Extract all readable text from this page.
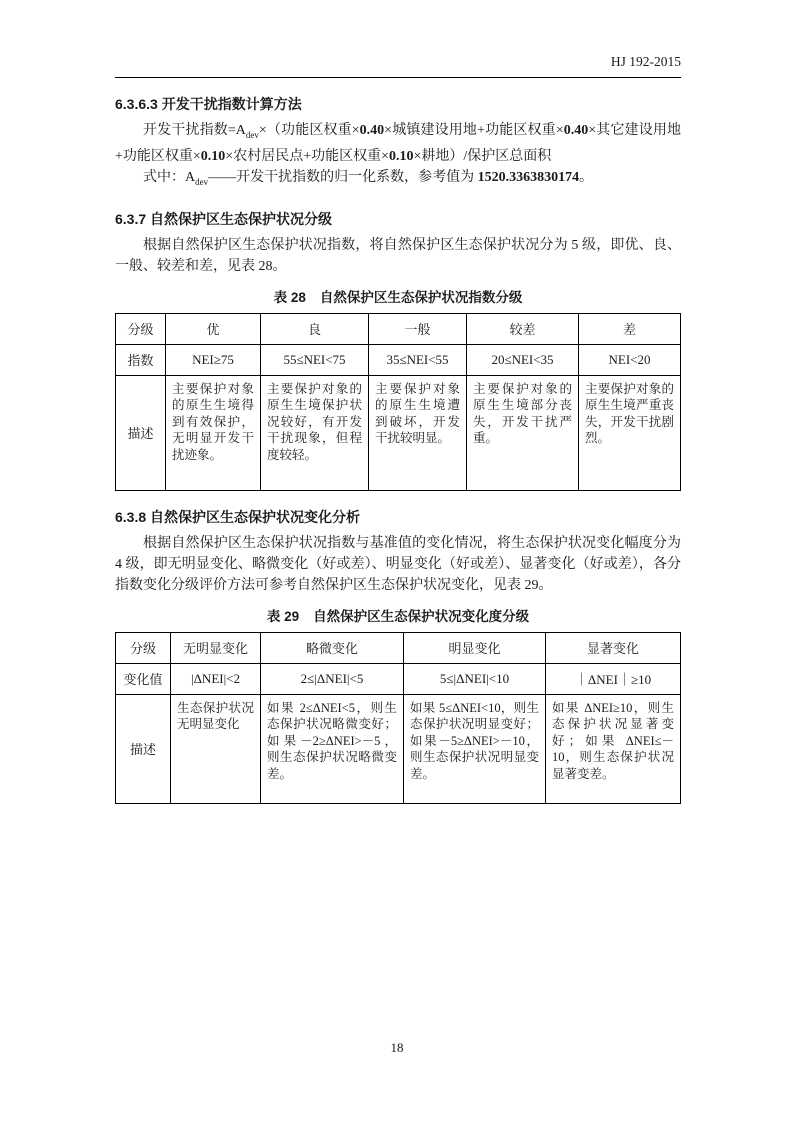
HJ 192-2015
6.3.6.3 开发干扰指数计算方法

开发干扰指数$=A_{dev}\times$（功能区权重×0.40×城镇建设用地+功能区权重×0.40×其它建设用地+功能区权重×0.10×农村居民点+功能区权重×0.10×耕地）/保护区总面积

式中：$A_{dev}——$开发干扰指数的归一化系数，参考值为 1520.3363830174。

6.3.7 自然保护区生态保护状况分级

根据自然保护区生态保护状况指数，将自然保护区生态保护状况分为 5 级，即优、良、一般、较差和差，见表 28。

表 28 自然保护区生态保护状况指数分级
分级	优	良	一般	较差	差
指数	NEI≥75	55≤NEI<75	35≤NEI<55	20≤NEI<35	NEI<20
描述	主要保护对象的原生生境得到有效保护，无明显开发干扰迹象。	主要保护对象的原生生境保护状况较好，有开发干扰现象，但程度较轻。	主要保护对象的原生生境遭到破坏，开发干扰较明显。	主要保护对象的原生生境部分丧失，开发干扰严重。	主要保护对象的原生生境严重丧失，开发干扰剧烈。
6.3.8 自然保护区生态保护状况变化分析

根据自然保护区生态保护状况指数与基准值的变化情况，将生态保护状况变化幅度分为 4 级，即无明显变化、略微变化（好或差）、明显变化（好或差）、显著变化（好或差），各分指数变化分级评价方法可参考自然保护区生态保护状况变化，见表 29。

表 29 自然保护区生态保护状况变化度分级
分级	无明显变化	略微变化	明显变化	显著变化
变化值	|ΔNEI|<2	2≤|ΔNEI|<5	5≤|ΔNEI|<10	｜ΔNEI｜≥10
描述	生态保护状况无明显变化	如果 2≤ΔNEI<5，则生态保护状况略微变好；如果－2≥ΔNEI>－5，则生态保护状况略微变差。	如果 5≤ΔNEI<10，则生态保护状况明显变好；如果－5≥ΔNEI>－10，则生态保护状况明显变差。	如果 ΔNEI≥10，则生态保护状况显著变好；如果 ΔNEI≤－10，则生态保护状况显著变差。
18
